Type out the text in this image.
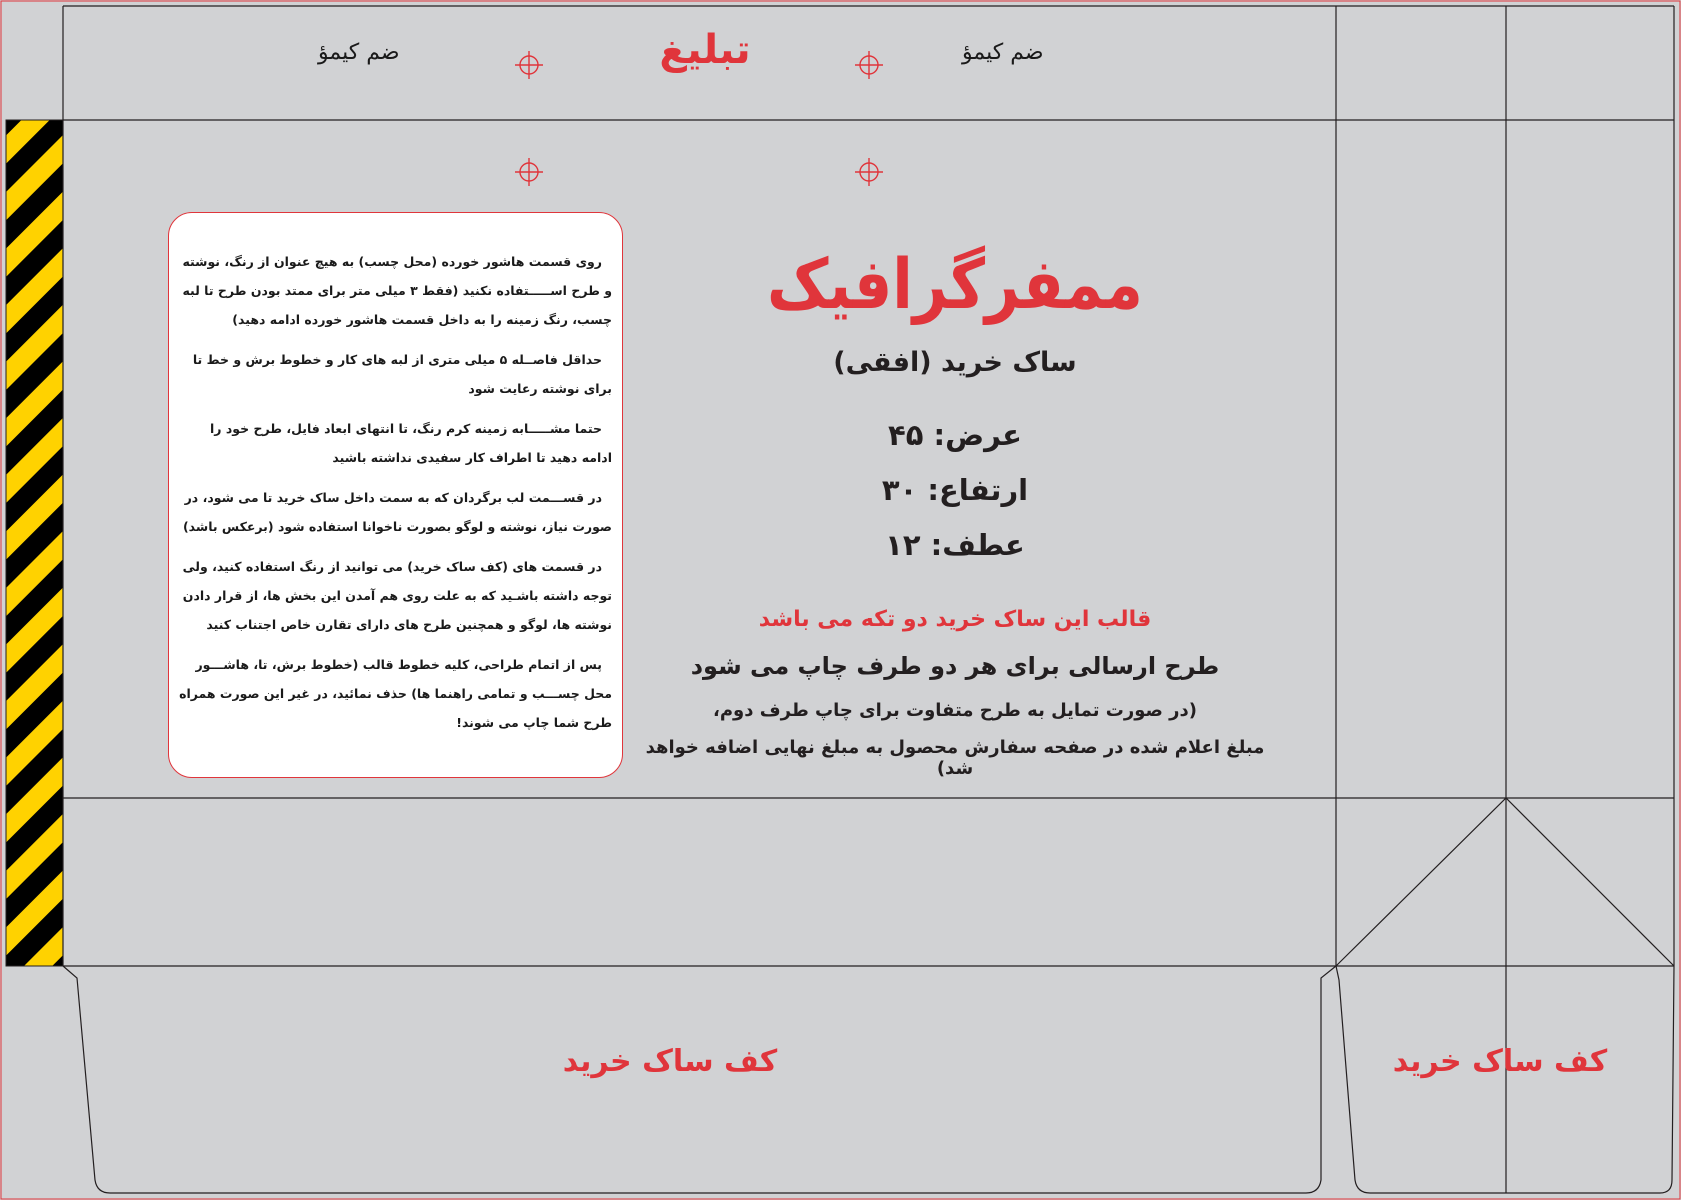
ﺿﻢ ﻛﻴﻤﺆ	تبلیغ	ﺿﻢ ﻛﻴﻤﺆ

روی قسمت هاشور خورده (محل چسب) به هیچ عنوان از رنگ، نوشته و طرح اســـــتفاده نکنید (فقط ۳ میلی متر برای ممتد بودن طرح تا لبه چسب، رنگ زمینه را به داخل قسمت هاشور خورده ادامه دهید)

حداقل فاصــله ۵ میلی متری از لبه های کار و خطوط برش و خط تا برای نوشته رعایت شود

حتما مشـــــابه زمینه کرم رنگ، تا انتهای ابعاد فایل، طرح خود را ادامه دهید تا اطراف کار سفیدی نداشته باشید

در قســـمت لب برگردان که به سمت داخل ساک خرید تا می شود، در صورت نیاز، نوشته و لوگو بصورت ناخوانا استفاده شود (برعکس باشد)

در قسمت های (کف ساک خرید) می توانید از رنگ استفاده کنید، ولی توجه داشته باشـید که به علت روی هم آمدن این بخش ها، از قرار دادن نوشته ها، لوگو و همچنین طرح های دارای تقارن خاص اجتناب کنید

پس از اتمام طراحی، کلیه خطوط قالب (خطوط برش، تا، هاشـــور محل چســـب و تمامی راهنما ها) حذف نمائید، در غیر این صورت همراه طرح شما چاپ می شوند!

ممفرگرافیک
ساک خرید (افقی)
عرض: ۴۵
ارتفاع: ۳۰
عطف: ۱۲
قالب این ساک خرید دو تکه می باشد
طرح ارسالی برای هر دو طرف چاپ می شود
(در صورت تمایل به طرح متفاوت برای چاپ طرف دوم،
مبلغ اعلام شده در صفحه سفارش محصول به مبلغ نهایی اضافه خواهد شد)
کف ساک خرید	کف ساک خرید
